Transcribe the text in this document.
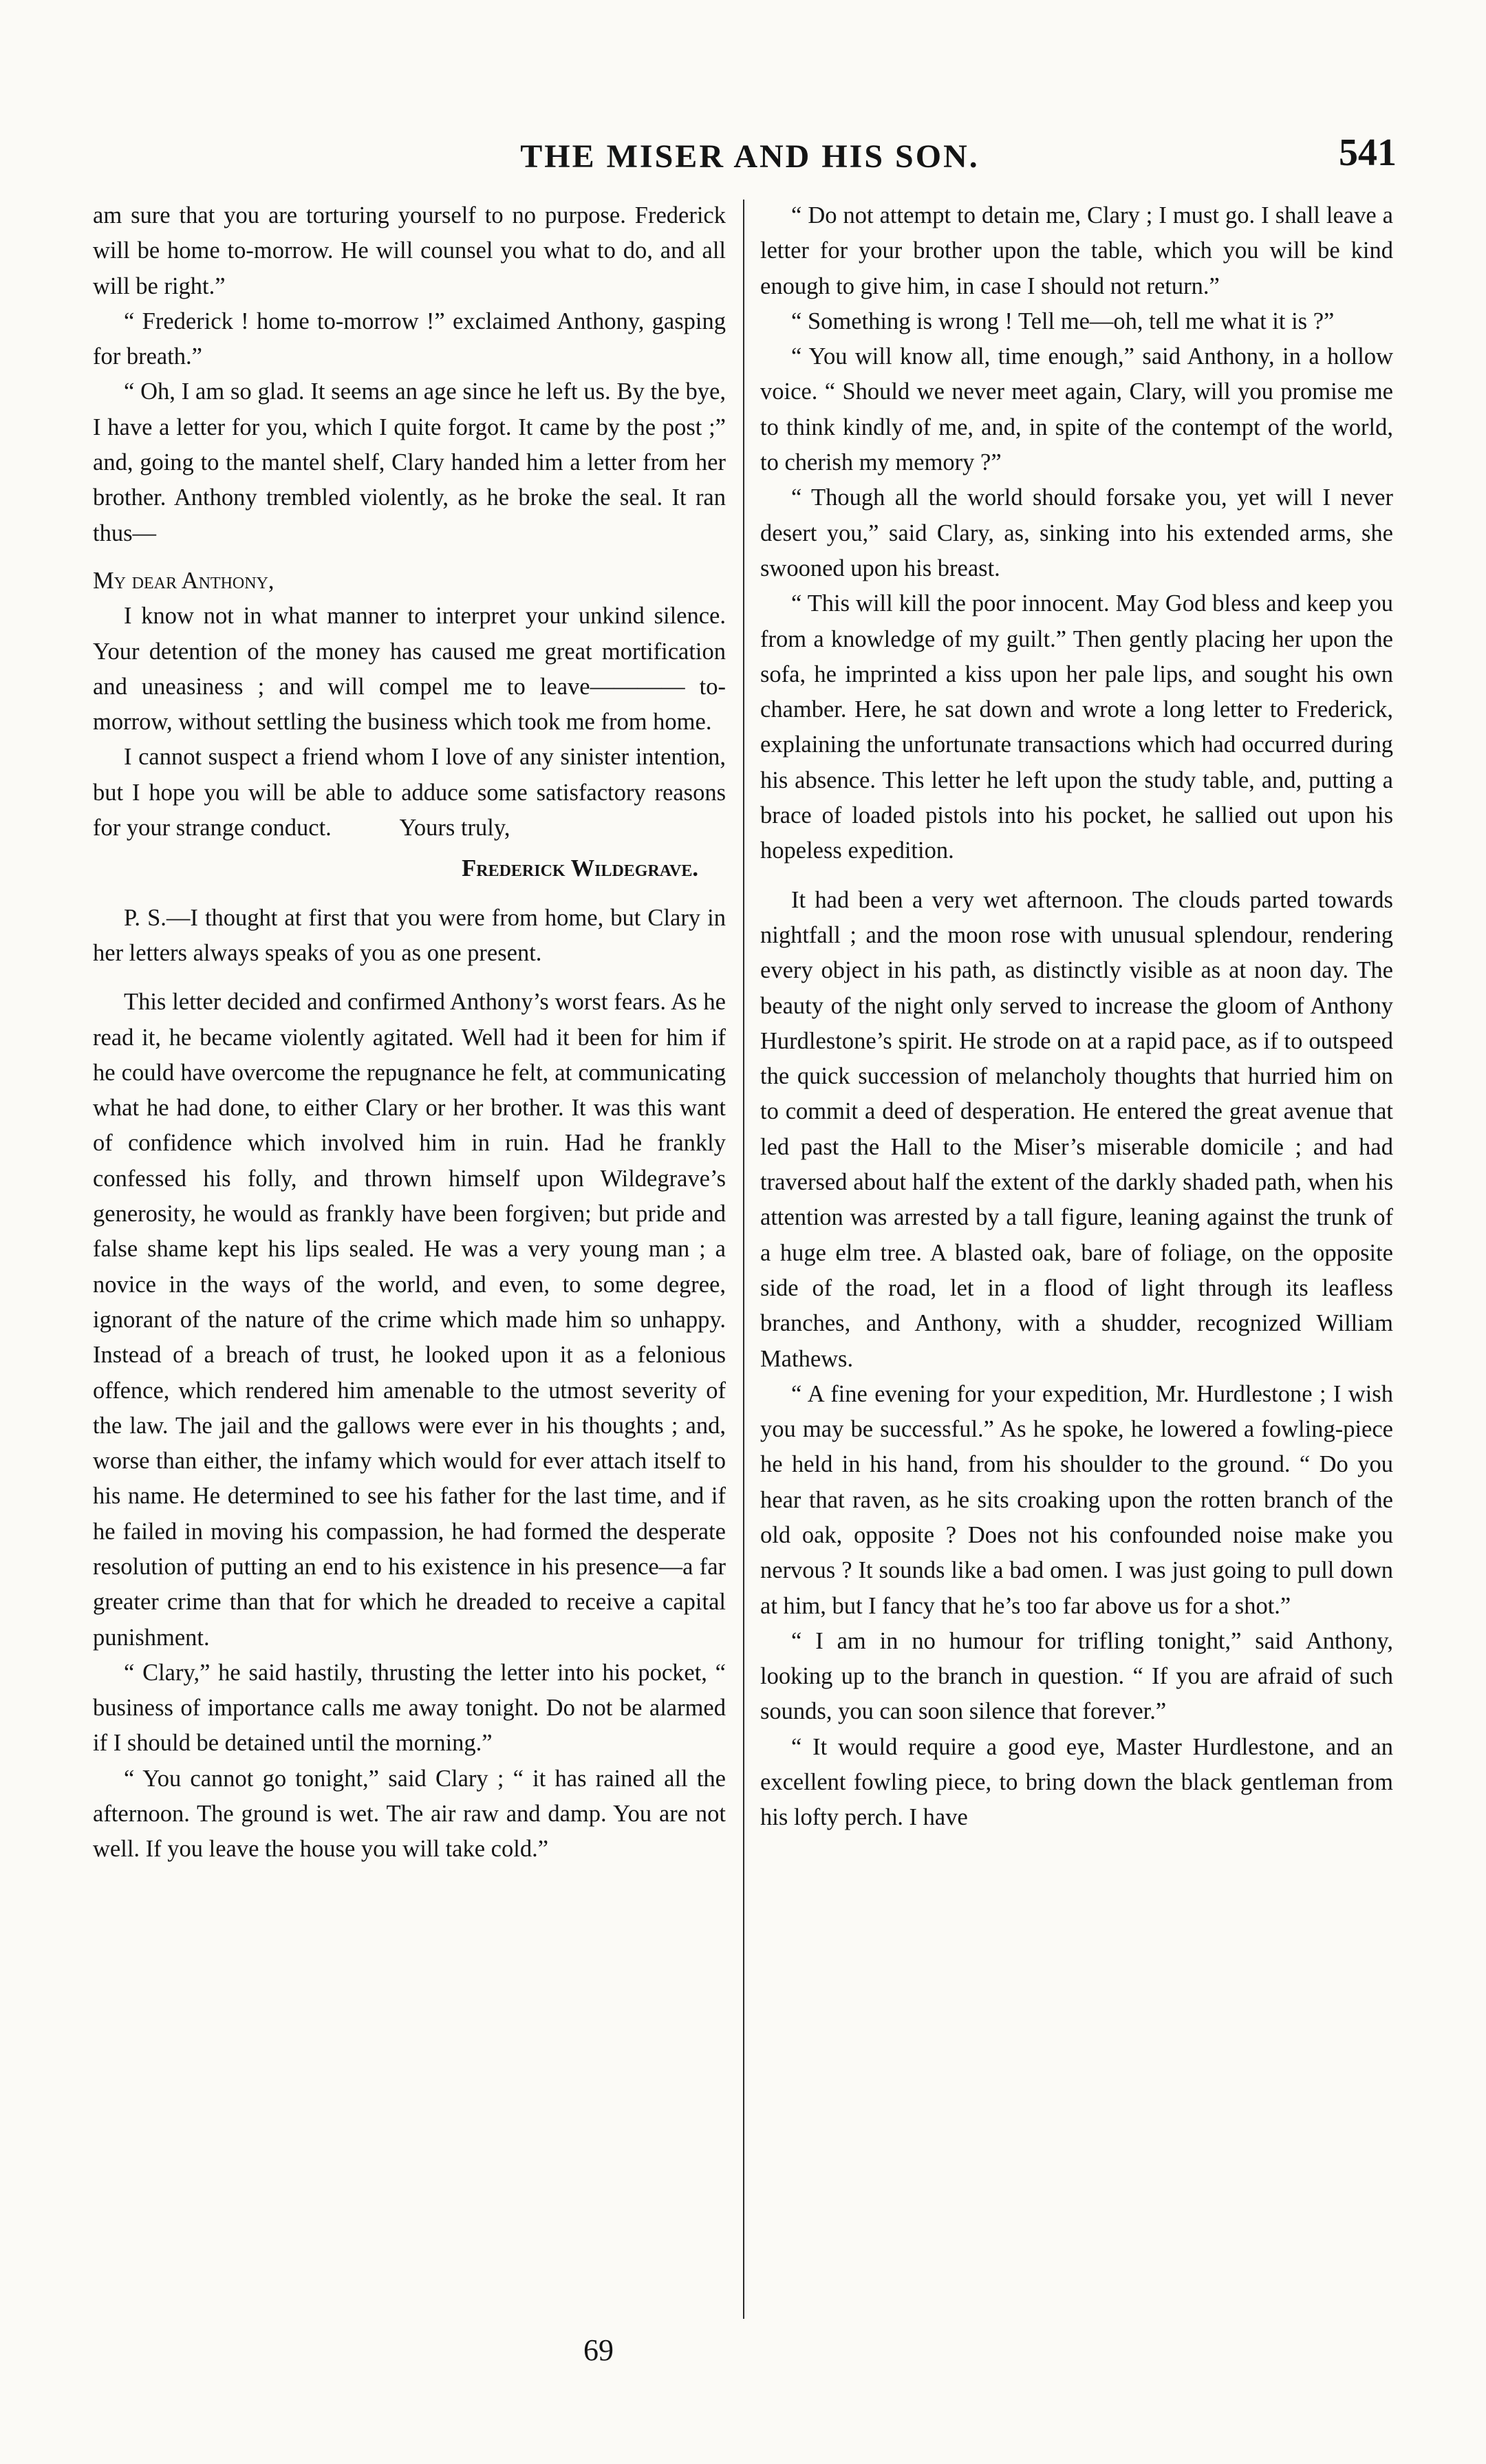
THE MISER AND HIS SON.	541

am sure that you are torturing yourself to no purpose. Frederick will be home to-morrow. He will counsel you what to do, and all will be right.”

“ Frederick ! home to-morrow !” exclaimed Anthony, gasping for breath.”

“ Oh, I am so glad. It seems an age since he left us. By the bye, I have a letter for you, which I quite forgot. It came by the post ;” and, going to the mantel shelf, Clary handed him a letter from her brother. Anthony trembled violently, as he broke the seal. It ran thus—

My dear Anthony,

I know not in what manner to interpret your unkind silence. Your detention of the money has caused me great mortification and uneasiness ; and will compel me to leave———— to-morrow, without settling the business which took me from home.

I cannot suspect a friend whom I love of any sinister intention, but I hope you will be able to adduce some satisfactory reasons for your strange conduct.	Yours truly,

Frederick Wildegrave.

P. S.—I thought at first that you were from home, but Clary in her letters always speaks of you as one present.

This letter decided and confirmed Anthony’s worst fears. As he read it, he became violently agitated. Well had it been for him if he could have overcome the repugnance he felt, at communicating what he had done, to either Clary or her brother. It was this want of confidence which involved him in ruin. Had he frankly confessed his folly, and thrown himself upon Wildegrave’s generosity, he would as frankly have been forgiven; but pride and false shame kept his lips sealed. He was a very young man ; a novice in the ways of the world, and even, to some degree, ignorant of the nature of the crime which made him so unhappy. Instead of a breach of trust, he looked upon it as a felonious offence, which rendered him amenable to the utmost severity of the law. The jail and the gallows were ever in his thoughts ; and, worse than either, the infamy which would for ever attach itself to his name. He determined to see his father for the last time, and if he failed in moving his compassion, he had formed the desperate resolution of putting an end to his existence in his presence—a far greater crime than that for which he dreaded to receive a capital punishment.

“ Clary,” he said hastily, thrusting the letter into his pocket, “ business of importance calls me away tonight. Do not be alarmed if I should be detained until the morning.”

“ You cannot go tonight,” said Clary ; “ it has rained all the afternoon. The ground is wet. The air raw and damp. You are not well. If you leave the house you will take cold.”

“ Do not attempt to detain me, Clary ; I must go. I shall leave a letter for your brother upon the table, which you will be kind enough to give him, in case I should not return.”

“ Something is wrong ! Tell me—oh, tell me what it is ?”

“ You will know all, time enough,” said Anthony, in a hollow voice. “ Should we never meet again, Clary, will you promise me to think kindly of me, and, in spite of the contempt of the world, to cherish my memory ?”

“ Though all the world should forsake you, yet will I never desert you,” said Clary, as, sinking into his extended arms, she swooned upon his breast.

“ This will kill the poor innocent. May God bless and keep you from a knowledge of my guilt.” Then gently placing her upon the sofa, he imprinted a kiss upon her pale lips, and sought his own chamber. Here, he sat down and wrote a long letter to Frederick, explaining the unfortunate transactions which had occurred during his absence. This letter he left upon the study table, and, putting a brace of loaded pistols into his pocket, he sallied out upon his hopeless expedition.

It had been a very wet afternoon. The clouds parted towards nightfall ; and the moon rose with unusual splendour, rendering every object in his path, as distinctly visible as at noon day. The beauty of the night only served to increase the gloom of Anthony Hurdlestone’s spirit. He strode on at a rapid pace, as if to outspeed the quick succession of melancholy thoughts that hurried him on to commit a deed of desperation. He entered the great avenue that led past the Hall to the Miser’s miserable domicile ; and had traversed about half the extent of the darkly shaded path, when his attention was arrested by a tall figure, leaning against the trunk of a huge elm tree. A blasted oak, bare of foliage, on the opposite side of the road, let in a flood of light through its leafless branches, and Anthony, with a shudder, recognized William Mathews.

“ A fine evening for your expedition, Mr. Hurdlestone ; I wish you may be successful.” As he spoke, he lowered a fowling-piece he held in his hand, from his shoulder to the ground. “ Do you hear that raven, as he sits croaking upon the rotten branch of the old oak, opposite ? Does not his confounded noise make you nervous ? It sounds like a bad omen. I was just going to pull down at him, but I fancy that he’s too far above us for a shot.”

“ I am in no humour for trifling tonight,” said Anthony, looking up to the branch in question. “ If you are afraid of such sounds, you can soon silence that forever.”

“ It would require a good eye, Master Hurdlestone, and an excellent fowling piece, to bring down the black gentleman from his lofty perch. I have

69
